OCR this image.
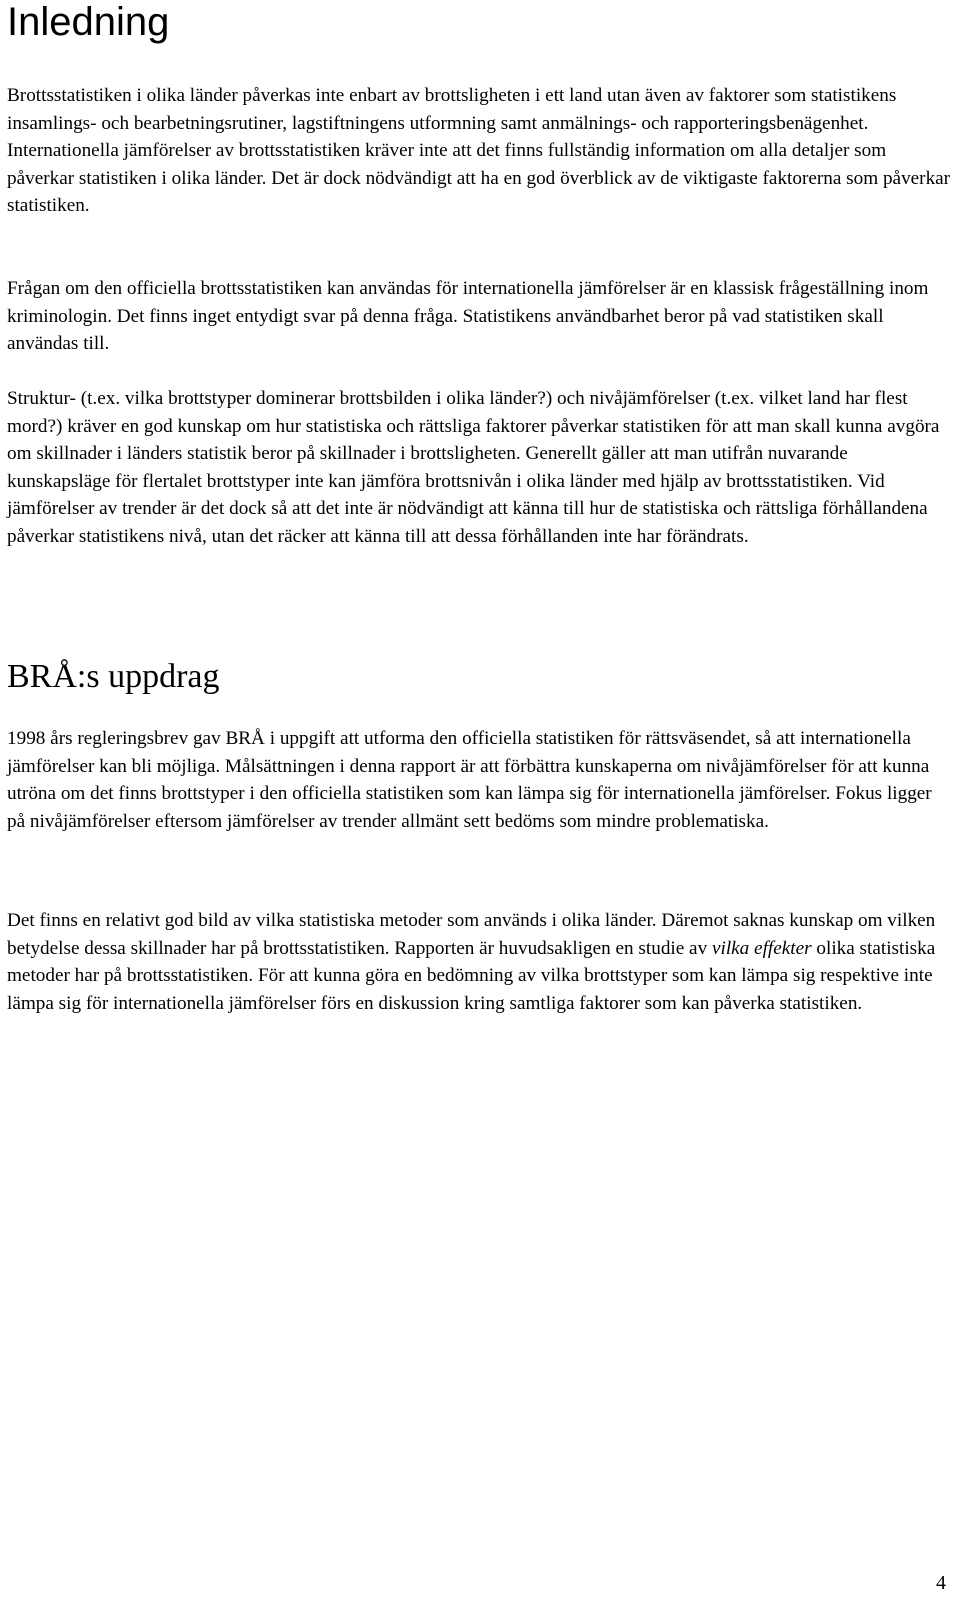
Inledning

Brottsstatistiken i olika länder påverkas inte enbart av brottsligheten i ett land utan även av faktorer som statistikens insamlings- och bearbetningsrutiner, lagstiftningens utformning samt anmälnings- och rapporteringsbenägenhet. Internationella jämförelser av brottsstatistiken kräver inte att det finns fullständig information om alla detaljer som påverkar statistiken i olika länder. Det är dock nödvändigt att ha en god överblick av de viktigaste faktorerna som påverkar statistiken.

Frågan om den officiella brottsstatistiken kan användas för internationella jämförelser är en klassisk frågeställning inom kriminologin. Det finns inget entydigt svar på denna fråga. Statistikens användbarhet beror på vad statistiken skall användas till.

Struktur- (t.ex. vilka brottstyper dominerar brottsbilden i olika länder?) och nivåjämförelser (t.ex. vilket land har flest mord?) kräver en god kunskap om hur statistiska och rättsliga faktorer påverkar statistiken för att man skall kunna avgöra om skillnader i länders statistik beror på skillnader i brottsligheten. Generellt gäller att man utifrån nuvarande kunskapsläge för flertalet brottstyper inte kan jämföra brottsnivån i olika länder med hjälp av brottsstatistiken. Vid jämförelser av trender är det dock så att det inte är nödvändigt att känna till hur de statistiska och rättsliga förhållandena påverkar statistikens nivå, utan det räcker att känna till att dessa förhållanden inte har förändrats.

BRÅ:s uppdrag

1998 års regleringsbrev gav BRÅ i uppgift att utforma den officiella statistiken för rättsväsendet, så att internationella jämförelser kan bli möjliga. Målsättningen i denna rapport är att förbättra kunskaperna om nivåjämförelser för att kunna utröna om det finns brottstyper i den officiella statistiken som kan lämpa sig för internationella jämförelser. Fokus ligger på nivåjämförelser eftersom jämförelser av trender allmänt sett bedöms som mindre problematiska.

Det finns en relativt god bild av vilka statistiska metoder som används i olika länder. Däremot saknas kunskap om vilken betydelse dessa skillnader har på brottsstatistiken. Rapporten är huvudsakligen en studie av vilka effekter olika statistiska metoder har på brottsstatistiken. För att kunna göra en bedömning av vilka brottstyper som kan lämpa sig respektive inte lämpa sig för internationella jämförelser förs en diskussion kring samtliga faktorer som kan påverka statistiken.

4
